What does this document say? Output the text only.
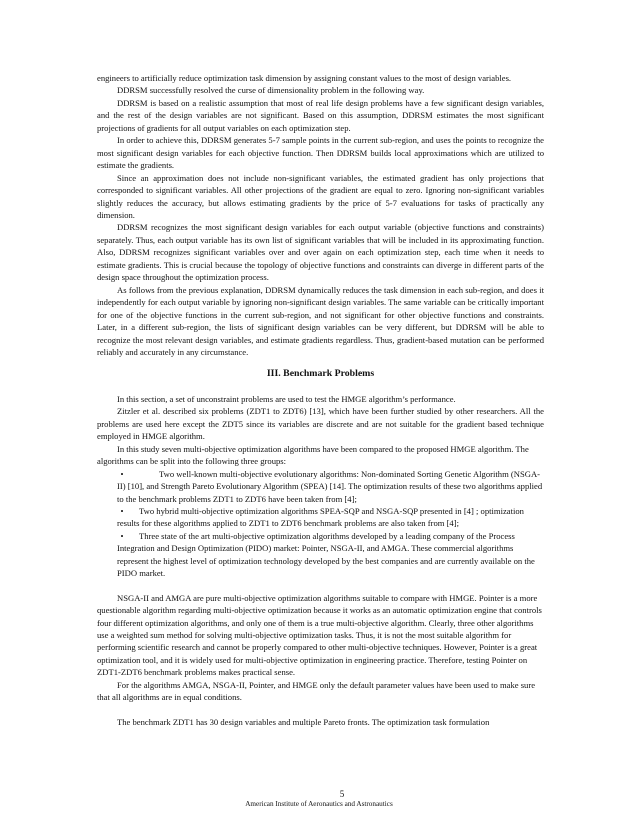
engineers to artificially reduce optimization task dimension by assigning constant values to the most of design variables.

DDRSM successfully resolved the curse of dimensionality problem in the following way.

DDRSM is based on a realistic assumption that most of real life design problems have a few significant design variables, and the rest of the design variables are not significant. Based on this assumption, DDRSM estimates the most significant projections of gradients for all output variables on each optimization step.

In order to achieve this, DDRSM generates 5-7 sample points in the current sub-region, and uses the points to recognize the most significant design variables for each objective function. Then DDRSM builds local approximations which are utilized to estimate the gradients.

Since an approximation does not include non-significant variables, the estimated gradient has only projections that corresponded to significant variables. All other projections of the gradient are equal to zero. Ignoring non-significant variables slightly reduces the accuracy, but allows estimating gradients by the price of 5-7 evaluations for tasks of practically any dimension.

DDRSM recognizes the most significant design variables for each output variable (objective functions and constraints) separately. Thus, each output variable has its own list of significant variables that will be included in its approximating function. Also, DDRSM recognizes significant variables over and over again on each optimization step, each time when it needs to estimate gradients. This is crucial because the topology of objective functions and constraints can diverge in different parts of the design space throughout the optimization process.

As follows from the previous explanation, DDRSM dynamically reduces the task dimension in each sub-region, and does it independently for each output variable by ignoring non-significant design variables. The same variable can be critically important for one of the objective functions in the current sub-region, and not significant for other objective functions and constraints. Later, in a different sub-region, the lists of significant design variables can be very different, but DDRSM will be able to recognize the most relevant design variables, and estimate gradients regardless. Thus, gradient-based mutation can be performed reliably and accurately in any circumstance.

III. Benchmark Problems

In this section, a set of unconstraint problems are used to test the HMGE algorithm’s performance.

Zitzler et al. described six problems (ZDT1 to ZDT6) [13], which have been further studied by other researchers. All the problems are used here except the ZDT5 since its variables are discrete and are not suitable for the gradient based technique employed in HMGE algorithm.

In this study seven multi-objective optimization algorithms have been compared to the proposed HMGE algorithm. The algorithms can be split into the following three groups:

•	Two well-known multi-objective evolutionary algorithms: Non-dominated Sorting Genetic Algorithm (NSGA-II) [10], and Strength Pareto Evolutionary Algorithm (SPEA) [14]. The optimization results of these two algorithms applied to the benchmark problems ZDT1 to ZDT6 have been taken from [4];

•	Two hybrid multi-objective optimization algorithms SPEA-SQP and NSGA-SQP presented in [4] ; optimization results for these algorithms applied to ZDT1 to ZDT6 benchmark problems are also taken from [4];

•	Three state of the art multi-objective optimization algorithms developed by a leading company of the Process Integration and Design Optimization (PIDO) market: Pointer, NSGA-II, and AMGA. These commercial algorithms represent the highest level of optimization technology developed by the best companies and are currently available on the PIDO market.

NSGA-II and AMGA are pure multi-objective optimization algorithms suitable to compare with HMGE. Pointer is a more questionable algorithm regarding multi-objective optimization because it works as an automatic optimization engine that controls four different optimization algorithms, and only one of them is a true multi-objective algorithm. Clearly, three other algorithms use a weighted sum method for solving multi-objective optimization tasks. Thus, it is not the most suitable algorithm for performing scientific research and cannot be properly compared to other multi-objective techniques. However, Pointer is a great optimization tool, and it is widely used for multi-objective optimization in engineering practice. Therefore, testing Pointer on ZDT1-ZDT6 benchmark problems makes practical sense.

For the algorithms AMGA, NSGA-II, Pointer, and HMGE only the default parameter values have been used to make sure that all algorithms are in equal conditions.

The benchmark ZDT1 has 30 design variables and multiple Pareto fronts. The optimization task formulation

5
American Institute of Aeronautics and Astronautics
